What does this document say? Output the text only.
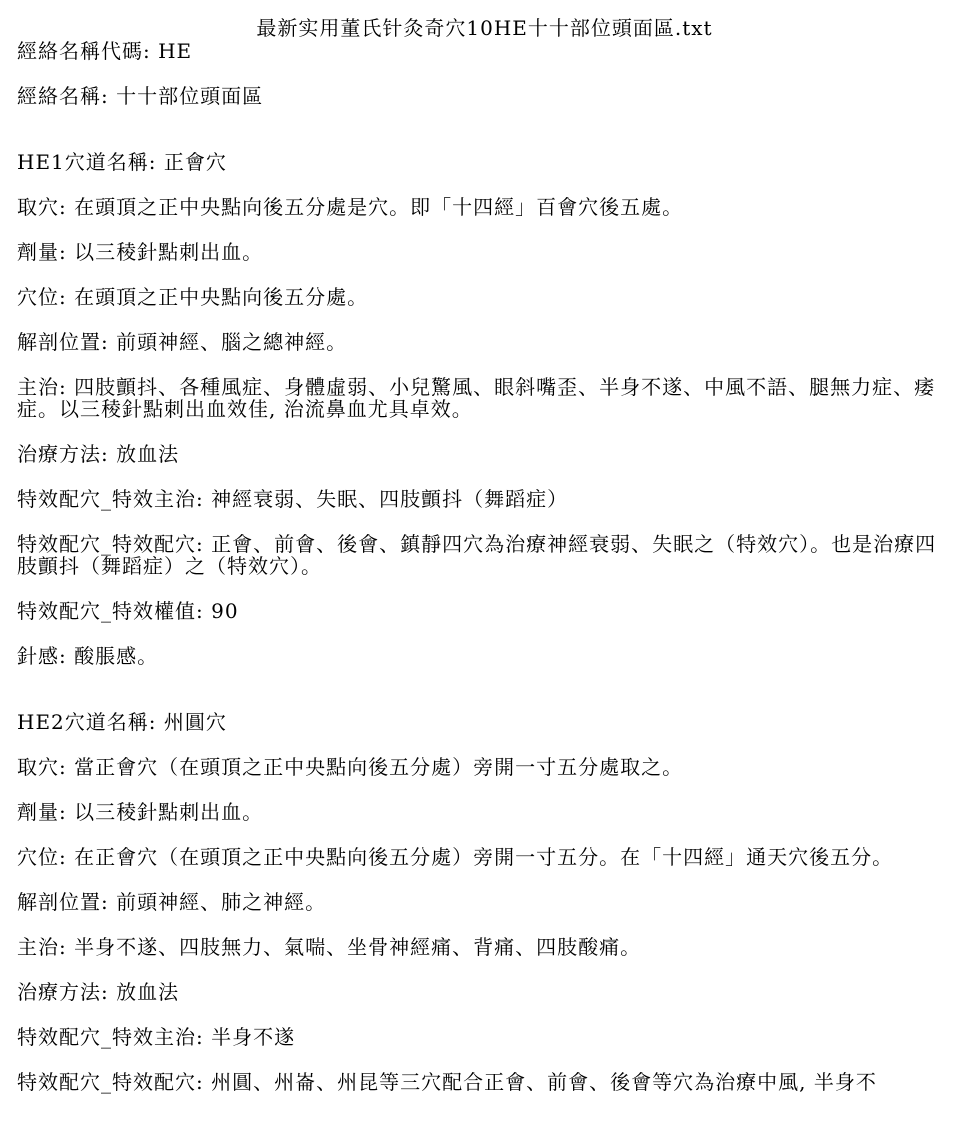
最新实用董氏针灸奇穴10HE十十部位頭面區.txt

經絡名稱代碼: HE

經絡名稱: 十十部位頭面區

HE1穴道名稱: 正會穴

取穴: 在頭頂之正中央點向後五分處是穴。即「十四經」百會穴後五處。

劑量: 以三稜針點刺出血。

穴位: 在頭頂之正中央點向後五分處。

解剖位置: 前頭神經、腦之總神經。

主治: 四肢顫抖、各種風症、身體虛弱、小兒驚風、眼斜嘴歪、半身不遂、中風不語、腿無力症、痿症。以三稜針點刺出血效佳, 治流鼻血尤具卓效。

治療方法: 放血法

特效配穴_特效主治: 神經衰弱、失眠、四肢顫抖（舞蹈症）

特效配穴_特效配穴: 正會、前會、後會、鎮靜四穴為治療神經衰弱、失眠之（特效穴）。也是治療四肢顫抖（舞蹈症）之（特效穴）。

特效配穴_特效權值: 90

針感: 酸脹感。

HE2穴道名稱: 州圓穴

取穴: 當正會穴（在頭頂之正中央點向後五分處）旁開一寸五分處取之。

劑量: 以三稜針點刺出血。

穴位: 在正會穴（在頭頂之正中央點向後五分處）旁開一寸五分。在「十四經」通天穴後五分。

解剖位置: 前頭神經、肺之神經。

主治: 半身不遂、四肢無力、氣喘、坐骨神經痛、背痛、四肢酸痛。

治療方法: 放血法

特效配穴_特效主治: 半身不遂

特效配穴_特效配穴: 州圓、州崙、州昆等三穴配合正會、前會、後會等穴為治療中風, 半身不
